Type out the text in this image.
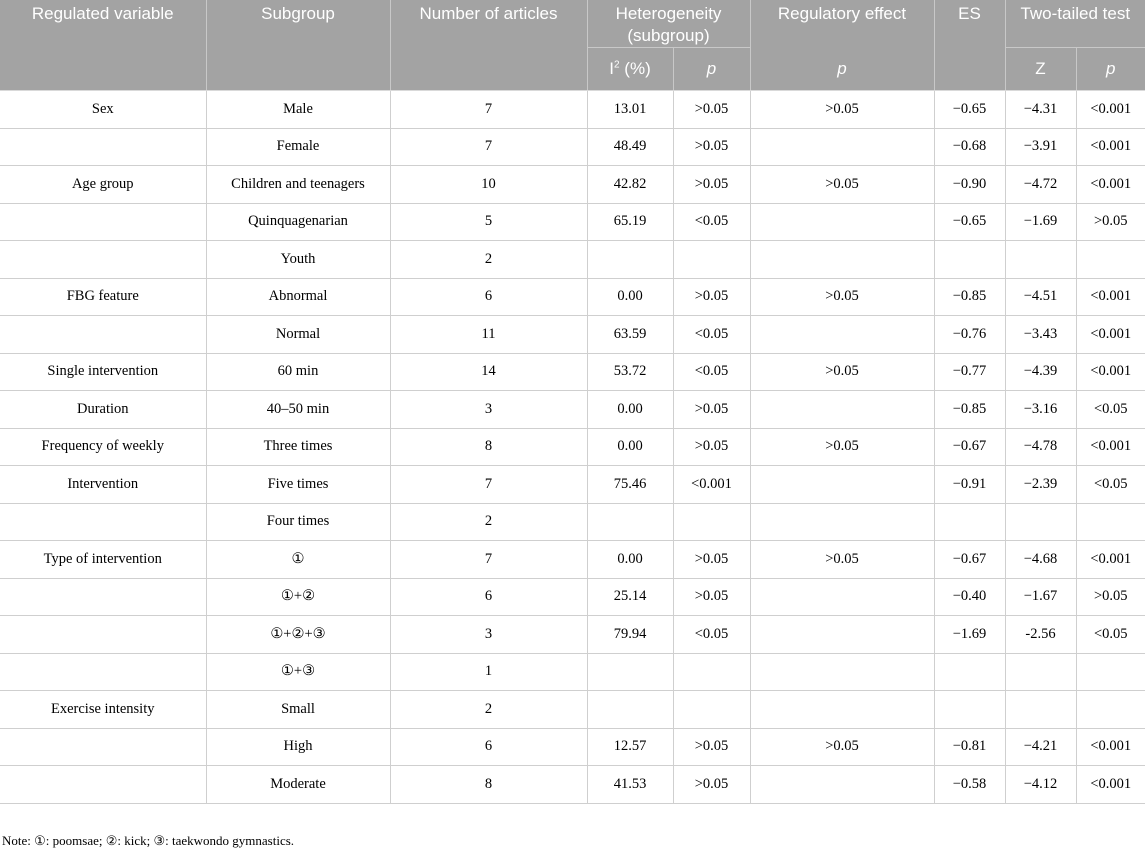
Regulated variable	Subgroup	Number of articles	Heterogeneity (subgroup)		Regulatory effect	ES	Two-tailed test	
			$I^2$ (%)	p	p		Z	p
Sex	Male	7	13.01	>0.05	>0.05	−0.65	−4.31	<0.001
	Female	7	48.49	>0.05		−0.68	−3.91	<0.001
Age group	Children and teenagers	10	42.82	>0.05	>0.05	−0.90	−4.72	<0.001
	Quinquagenarian	5	65.19	<0.05		−0.65	−1.69	>0.05
	Youth	2						
FBG feature	Abnormal	6	0.00	>0.05	>0.05	−0.85	−4.51	<0.001
	Normal	11	63.59	<0.05		−0.76	−3.43	<0.001
Single intervention	60 min	14	53.72	<0.05	>0.05	−0.77	−4.39	<0.001
Duration	40–50 min	3	0.00	>0.05		−0.85	−3.16	<0.05
Frequency of weekly	Three times	8	0.00	>0.05	>0.05	−0.67	−4.78	<0.001
Intervention	Five times	7	75.46	<0.001		−0.91	−2.39	<0.05
	Four times	2						
Type of intervention	①	7	0.00	>0.05	>0.05	−0.67	−4.68	<0.001
	①+②	6	25.14	>0.05		−0.40	−1.67	>0.05
	①+②+③	3	79.94	<0.05		−1.69	-2.56	<0.05
	①+③	1						
Exercise intensity	Small	2						
	High	6	12.57	>0.05	>0.05	−0.81	−4.21	<0.001
	Moderate	8	41.53	>0.05		−0.58	−4.12	<0.001
Note: ①: poomsae; ②: kick; ③: taekwondo gymnastics.
